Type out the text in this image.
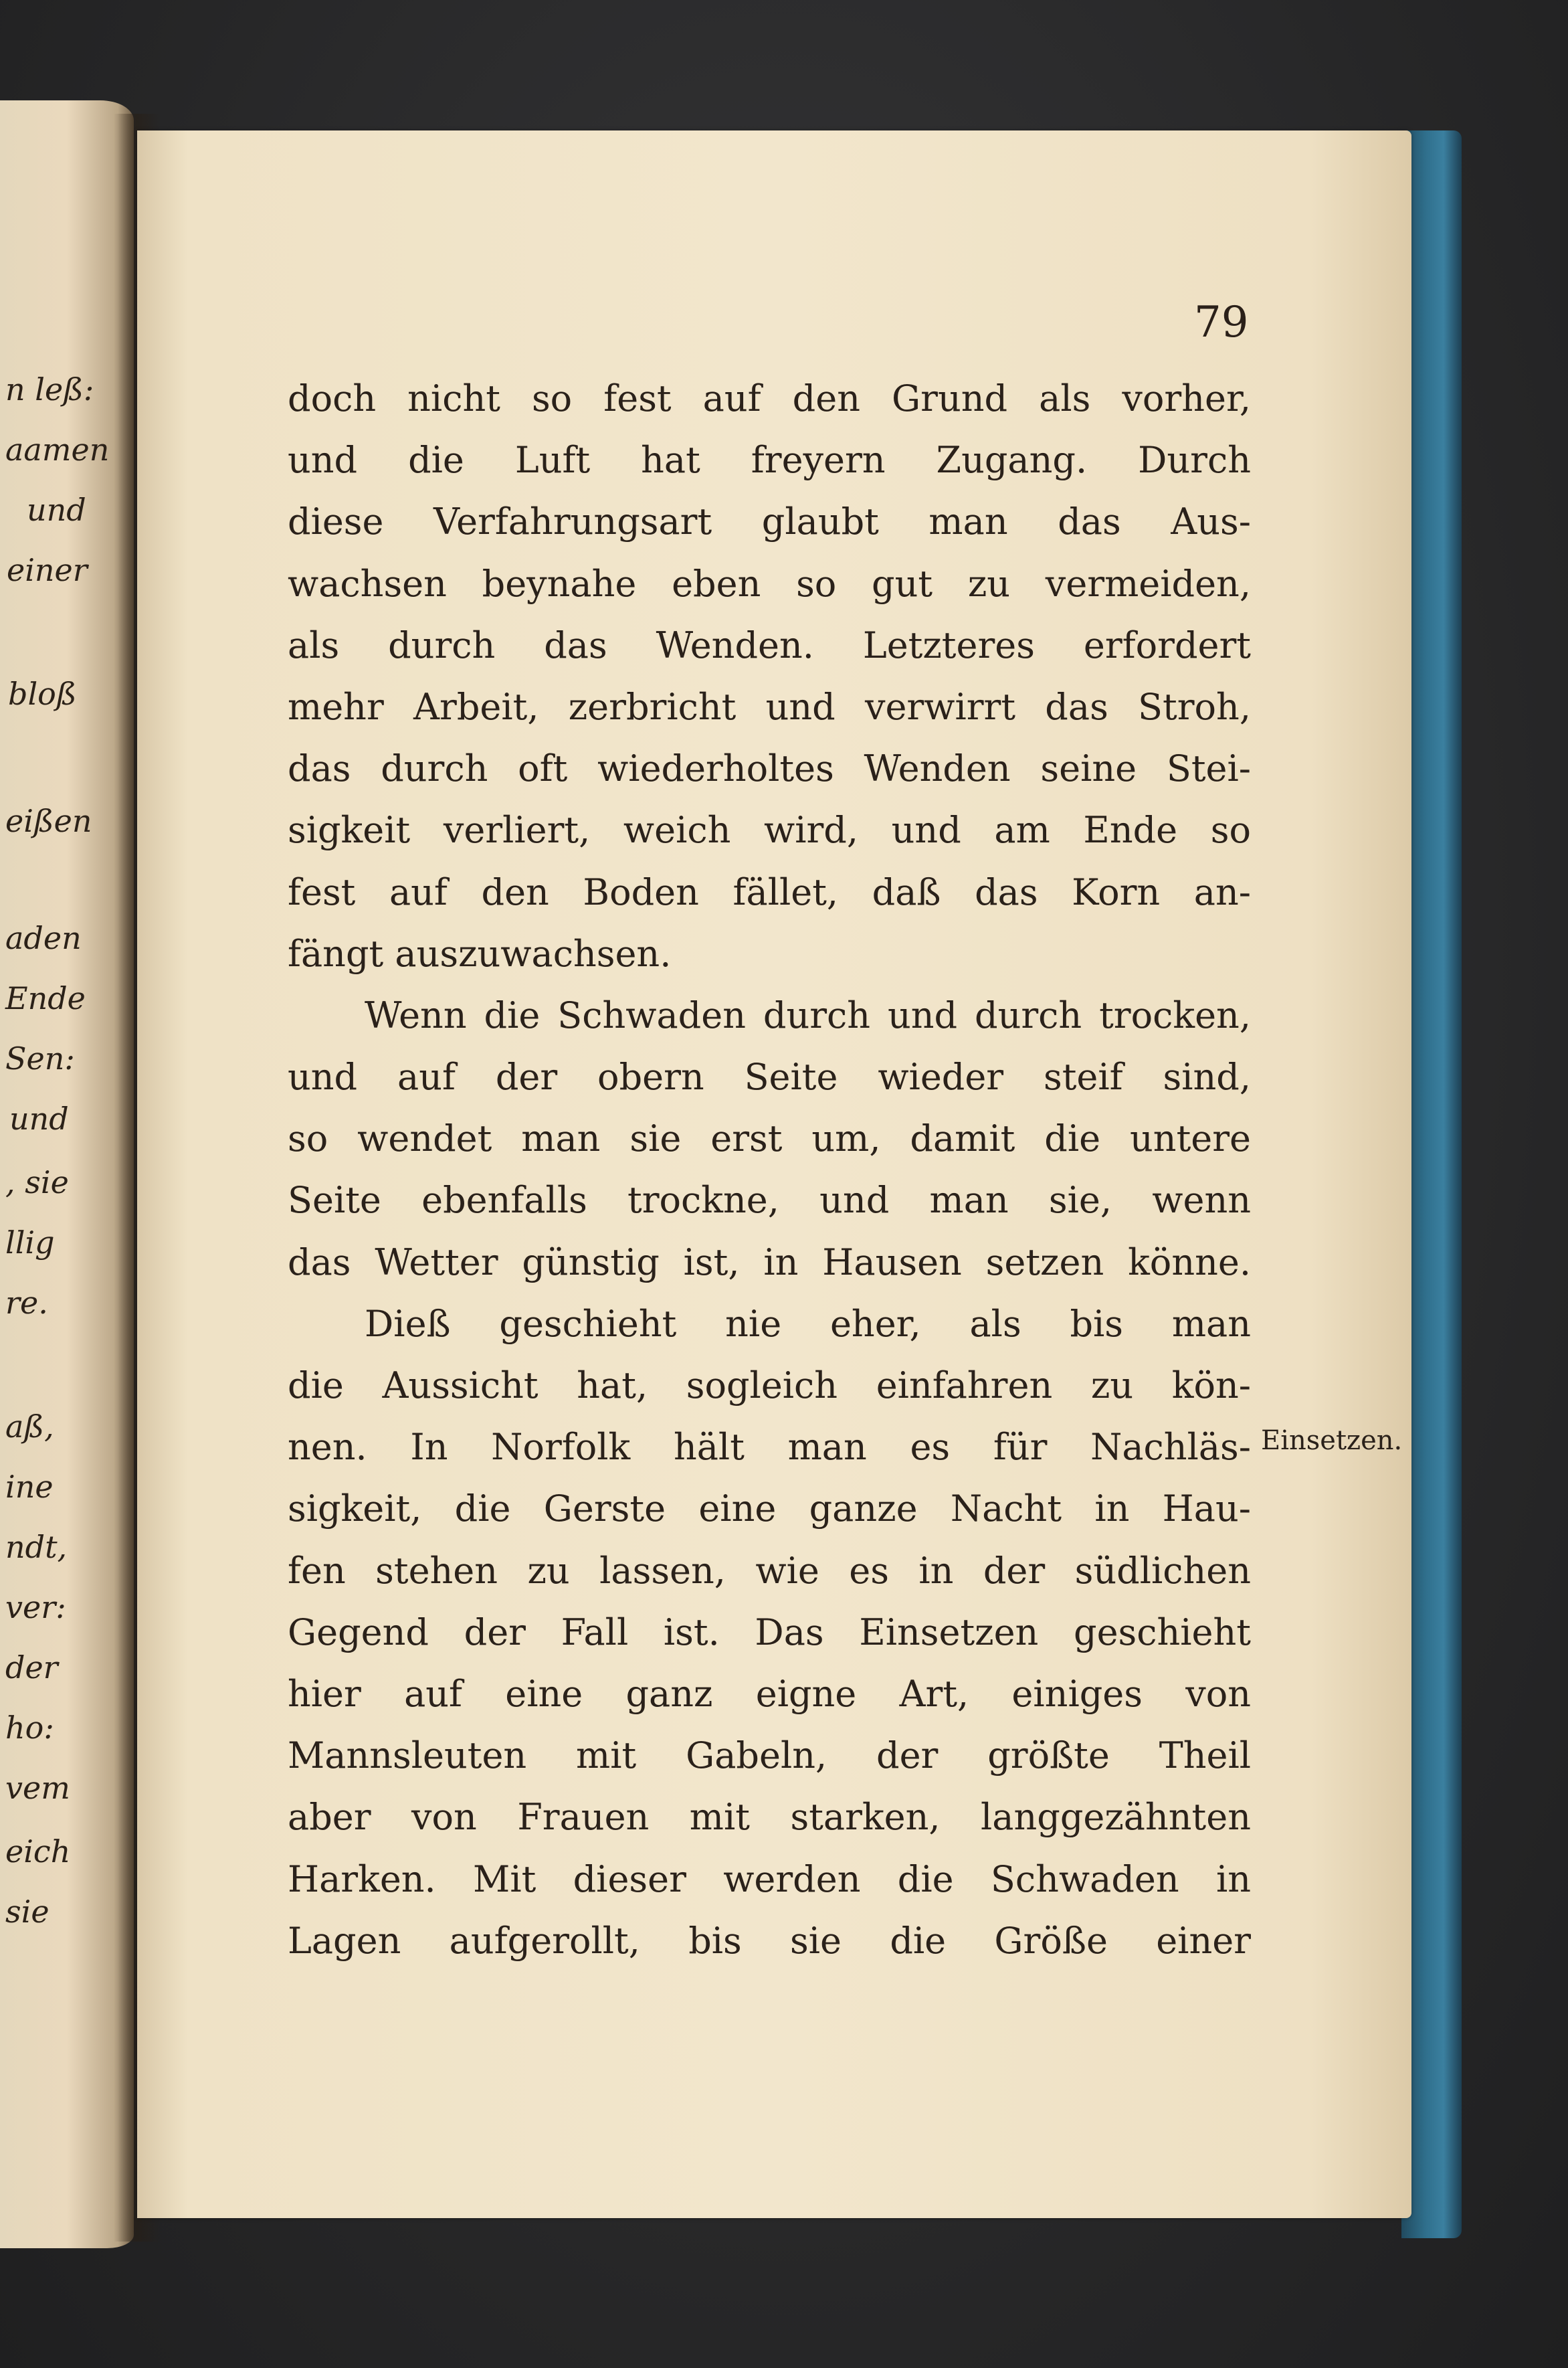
n leß:
aamen
und
einer
bloß
eißen
aden
Ende
Sen:
und
, sie
llig
re.
aß,
ine
ndt,
ver:
der
ho:
vem
eich
sie
79
doch nicht so fest auf den Grund als vorher,
und die Luft hat freyern Zugang. Durch
diese Verfahrungsart glaubt man das Aus-
wachsen beynahe eben so gut zu vermeiden,
als durch das Wenden. Letzteres erfordert
mehr Arbeit, zerbricht und verwirrt das Stroh,
das durch oft wiederholtes Wenden seine Stei-
sigkeit verliert, weich wird, und am Ende so
fest auf den Boden fället, daß das Korn an-
fängt auszuwachsen.
Wenn die Schwaden durch und durch trocken,
und auf der obern Seite wieder steif sind,
so wendet man sie erst um, damit die untere
Seite ebenfalls trockne, und man sie, wenn
das Wetter günstig ist, in Hausen setzen könne.
Dieß geschieht nie eher, als bis man
die Aussicht hat, sogleich einfahren zu kön-
nen. In Norfolk hält man es für Nachläs-
sigkeit, die Gerste eine ganze Nacht in Hau-
fen stehen zu lassen, wie es in der südlichen
Gegend der Fall ist. Das Einsetzen geschieht
hier auf eine ganz eigne Art, einiges von
Mannsleuten mit Gabeln, der größte Theil
aber von Frauen mit starken, langgezähnten
Harken. Mit dieser werden die Schwaden in
Lagen aufgerollt, bis sie die Größe einer
Einsetzen.
